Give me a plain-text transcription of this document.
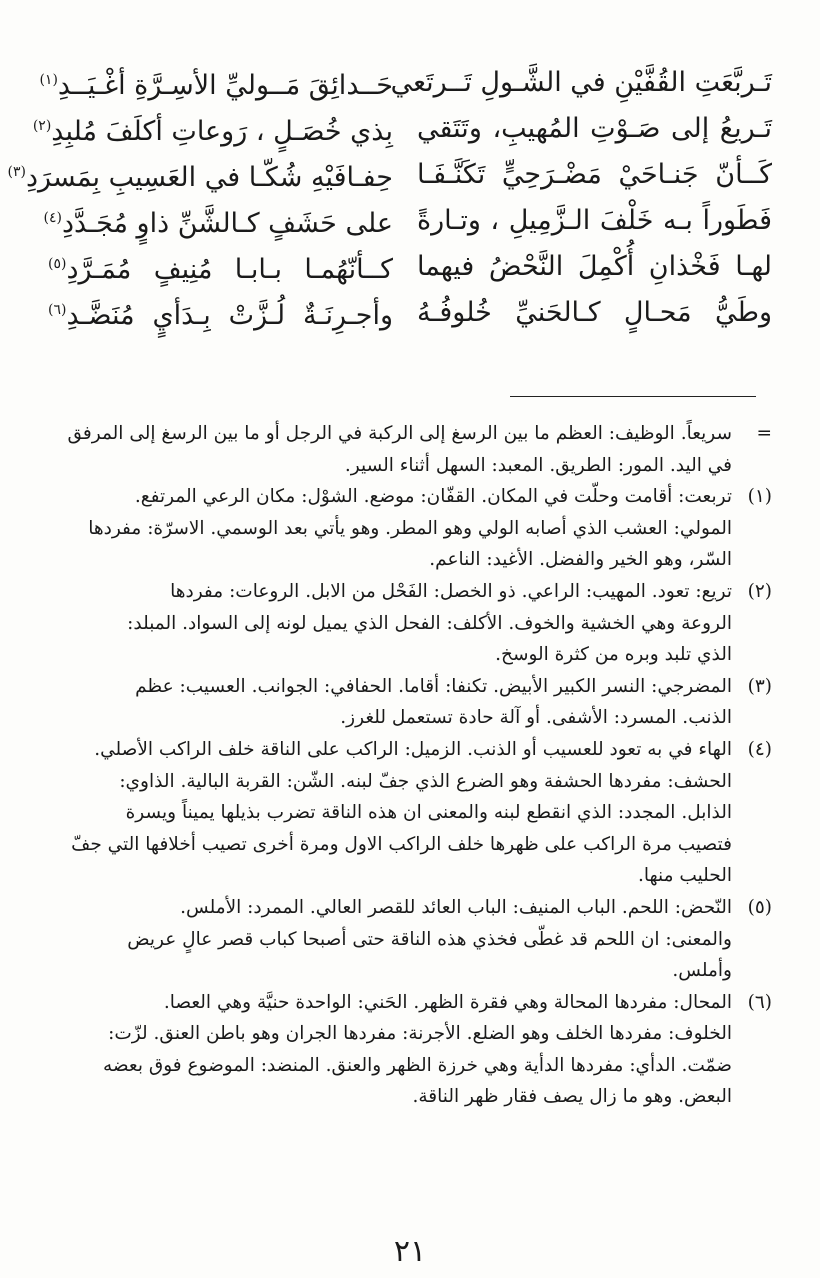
تَـربَّعَتِ القُفَّيْنِ في الشَّـولِ تَــرتَعي
حَــدائِقَ مَــوليِّ الأسِـرَّةِ أغْـيَــدِ$^{(١)}$
تَـريعُ إلى صَـوْتِ المُهيبِ، وتَتَقي
بِذي خُصَـلٍ ، رَوعاتِ أكلَفَ مُلبِدِ$^{(٢)}$
كَــأنّ جَنـاحَيْ مَضْـرَحِيٍّ تَكَنَّـفَـا
حِفـافَيْهِ شُكّـا في العَسِيبِ بِمَسرَدِ$^{(٣)}$
فَطَوراً بـه خَلْفَ الـزَّمِيلِ ، وتـارةً
على حَشَفٍ كـالشَّنِّ ذاوٍ مُجَـدَّدِ$^{(٤)}$
لهـا فَخْذانِ أُكْمِلَ النَّحْضُ فيهما
كــأنّهُمـا بـابـا مُنِيفٍ مُمَـرَّدِ$^{(٥)}$
وطَيُّ مَحـالٍ كـالحَنيِّ خُلوفُـهُ
وأجـرِنَـةٌ لُـزَّتْ بِـدَأيٍ مُنَضَّـدِ$^{(٦)}$
=
سريعاً. الوظيف: العظم ما بين الرسغ إلى الركبة في الرجل أو ما بين الرسغ إلى المرفق
في اليد. المور: الطريق. المعبد: السهل أثناء السير.
(١)
تربعت: أقامت وحلّت في المكان. القفّان: موضع. الشوْل: مكان الرعي المرتفع.
المولي: العشب الذي أصابه الولي وهو المطر. وهو يأتي بعد الوسمي. الاسرّة: مفردها
السّر، وهو الخير والفضل. الأغيد: الناعم.
(٢)
تريع: تعود. المهيب: الراعي. ذو الخصل: الفَحْل من الابل. الروعات: مفردها
الروعة وهي الخشية والخوف. الأكلف: الفحل الذي يميل لونه إلى السواد. المبلد:
الذي تلبد وبره من كثرة الوسخ.
(٣)
المضرجي: النسر الكبير الأبيض. تكنفا: أقاما. الحفافي: الجوانب. العسيب: عظم
الذنب. المسرد: الأشفى. أو آلة حادة تستعمل للغرز.
(٤)
الهاء في به تعود للعسيب أو الذنب. الزميل: الراكب على الناقة خلف الراكب الأصلي.
الحشف: مفردها الحشفة وهو الضرع الذي جفّ لبنه. الشّن: القربة البالية. الذاوي:
الذابل. المجدد: الذي انقطع لبنه والمعنى ان هذه الناقة تضرب بذيلها يميناً ويسرة
فتصيب مرة الراكب على ظهرها خلف الراكب الاول ومرة أخرى تصيب أخلافها التي جفّ
الحليب منها.
(٥)
النّحض: اللحم. الباب المنيف: الباب العائد للقصر العالي. الممرد: الأملس.
والمعنى: ان اللحم قد غطّى فخذي هذه الناقة حتى أصبحا كباب قصر عالٍ عريض
وأملس.
(٦)
المحال: مفردها المحالة وهي فقرة الظهر. الحَني: الواحدة حنيَّة وهي العصا.
الخلوف: مفردها الخلف وهو الضلع. الأجرنة: مفردها الجران وهو باطن العنق. لزّت:
ضمّت. الدأي: مفردها الدأية وهي خرزة الظهر والعنق. المنضد: الموضوع فوق بعضه
البعض. وهو ما زال يصف فقار ظهر الناقة.
٢١
